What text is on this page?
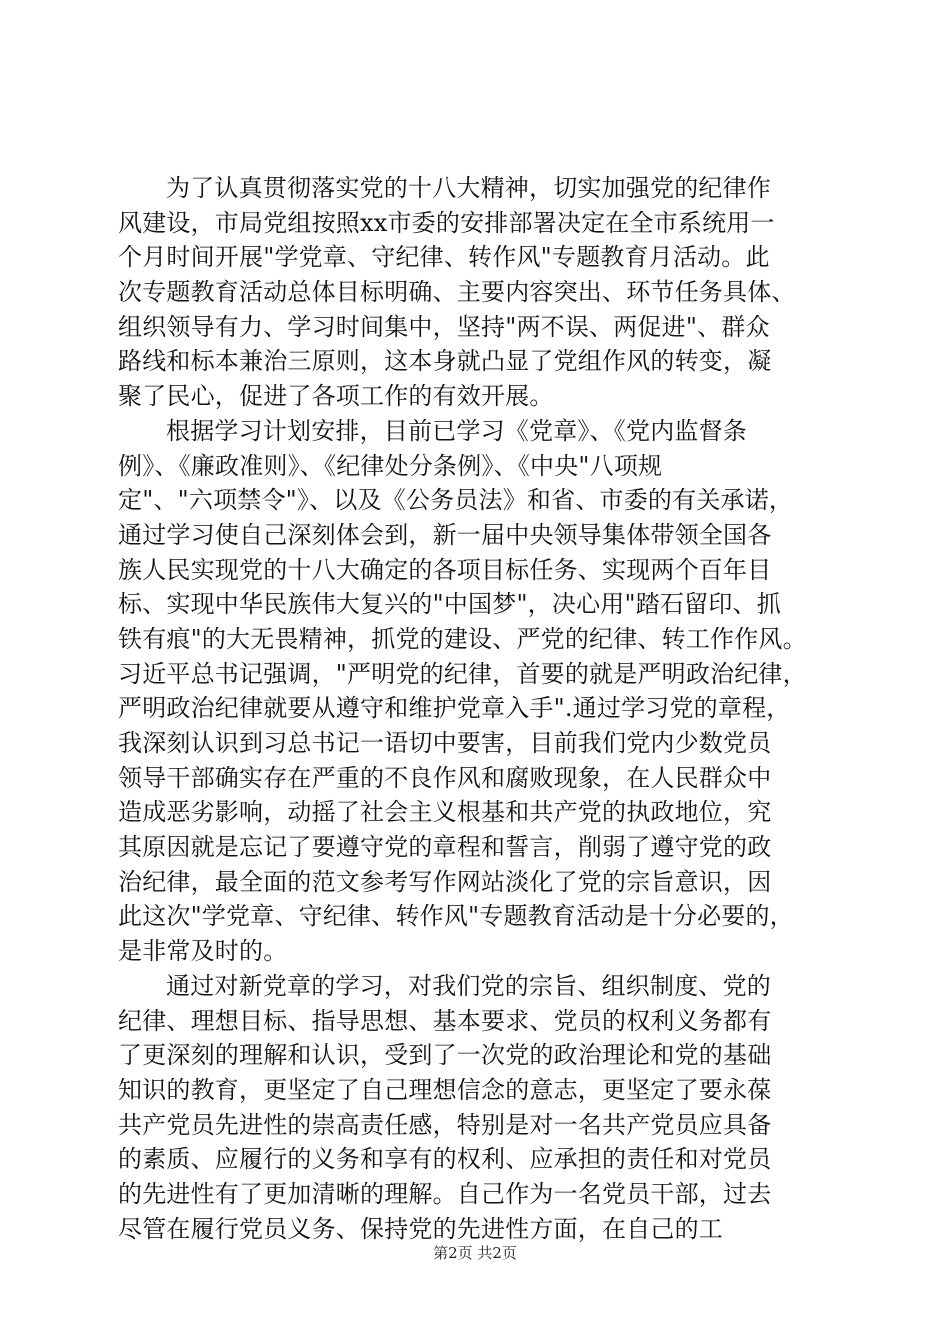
为了认真贯彻落实党的十八大精神，切实加强党的纪律作
风建设，市局党组按照xx市委的安排部署决定在全市系统用一
个月时间开展"学党章、守纪律、转作风"专题教育月活动。此
次专题教育活动总体目标明确、主要内容突出、环节任务具体、
组织领导有力、学习时间集中，坚持"两不误、两促进"、群众
路线和标本兼治三原则，这本身就凸显了党组作风的转变，凝
聚了民心，促进了各项工作的有效开展。
根据学习计划安排，目前已学习《党章》、《党内监督条
例》、《廉政准则》、《纪律处分条例》、《中央"八项规
定"、"六项禁令"》、以及《公务员法》和省、市委的有关承诺，
通过学习使自己深刻体会到，新一届中央领导集体带领全国各
族人民实现党的十八大确定的各项目标任务、实现两个百年目
标、实现中华民族伟大复兴的"中国梦"，决心用"踏石留印、抓
铁有痕"的大无畏精神，抓党的建设、严党的纪律、转工作作风。
习近平总书记强调，"严明党的纪律，首要的就是严明政治纪律，
严明政治纪律就要从遵守和维护党章入手".通过学习党的章程，
我深刻认识到习总书记一语切中要害，目前我们党内少数党员
领导干部确实存在严重的不良作风和腐败现象，在人民群众中
造成恶劣影响，动摇了社会主义根基和共产党的执政地位，究
其原因就是忘记了要遵守党的章程和誓言，削弱了遵守党的政
治纪律，最全面的范文参考写作网站淡化了党的宗旨意识，因
此这次"学党章、守纪律、转作风"专题教育活动是十分必要的，
是非常及时的。
通过对新党章的学习，对我们党的宗旨、组织制度、党的
纪律、理想目标、指导思想、基本要求、党员的权利义务都有
了更深刻的理解和认识，受到了一次党的政治理论和党的基础
知识的教育，更坚定了自己理想信念的意志，更坚定了要永葆
共产党员先进性的崇高责任感，特别是对一名共产党员应具备
的素质、应履行的义务和享有的权利、应承担的责任和对党员
的先进性有了更加清晰的理解。自己作为一名党员干部，过去
尽管在履行党员义务、保持党的先进性方面，在自己的工
第2页 共2页
